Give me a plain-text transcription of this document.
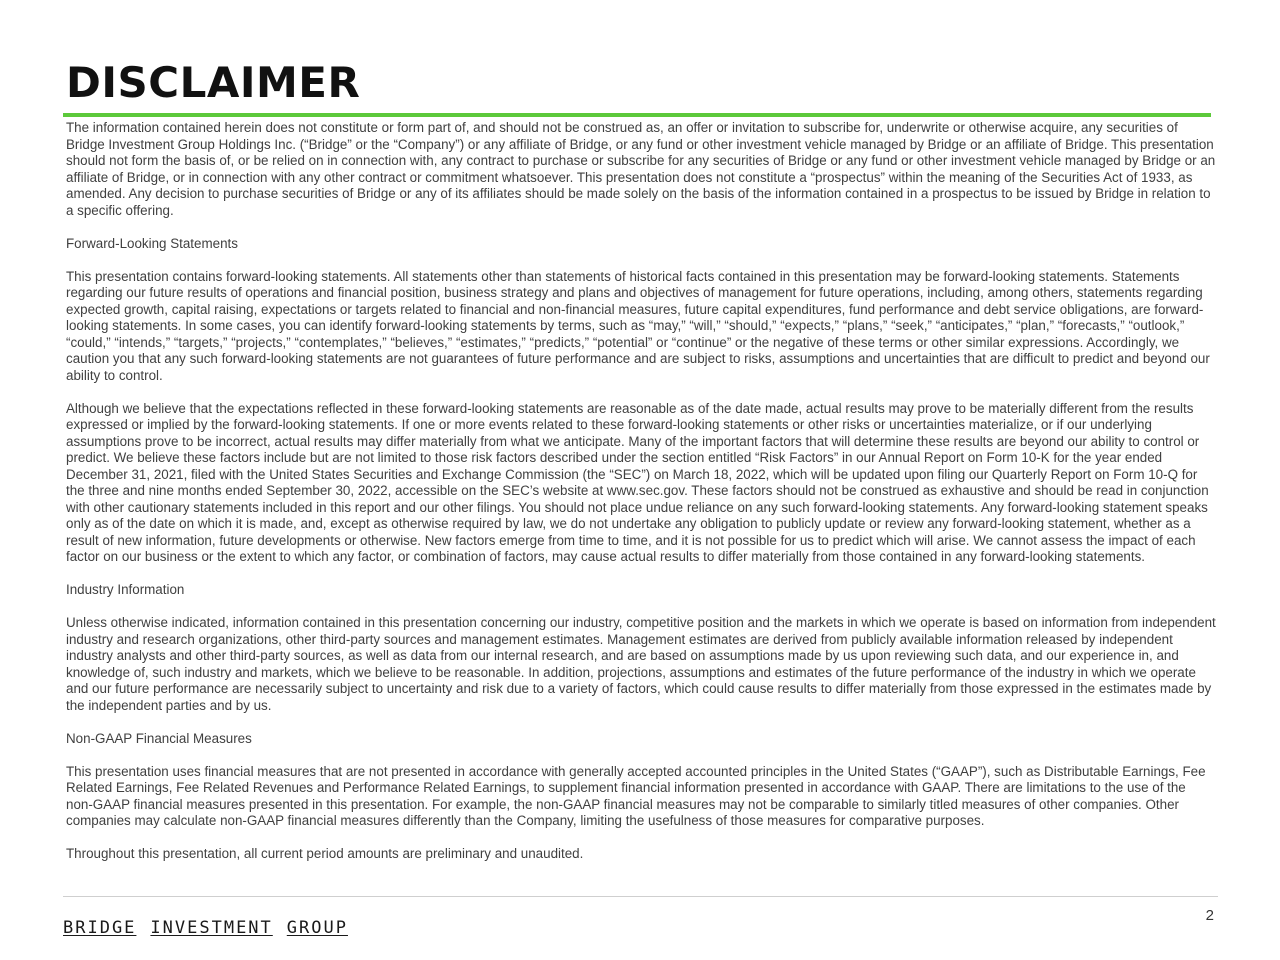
DISCLAIMER

The information contained herein does not constitute or form part of, and should not be construed as, an offer or invitation to subscribe for, underwrite or otherwise acquire, any securities of Bridge Investment Group Holdings Inc. (“Bridge” or the “Company”) or any affiliate of Bridge, or any fund or other investment vehicle managed by Bridge or an affiliate of Bridge. This presentation should not form the basis of, or be relied on in connection with, any contract to purchase or subscribe for any securities of Bridge or any fund or other investment vehicle managed by Bridge or an affiliate of Bridge, or in connection with any other contract or commitment whatsoever. This presentation does not constitute a “prospectus” within the meaning of the Securities Act of 1933, as amended. Any decision to purchase securities of Bridge or any of its affiliates should be made solely on the basis of the information contained in a prospectus to be issued by Bridge in relation to a specific offering.

Forward-Looking Statements

This presentation contains forward-looking statements. All statements other than statements of historical facts contained in this presentation may be forward-looking statements. Statements regarding our future results of operations and financial position, business strategy and plans and objectives of management for future operations, including, among others, statements regarding expected growth, capital raising, expectations or targets related to financial and non-financial measures, future capital expenditures, fund performance and debt service obligations, are forward-looking statements. In some cases, you can identify forward-looking statements by terms, such as “may,” “will,” “should,” “expects,” “plans,” “seek,” “anticipates,” “plan,” “forecasts,” “outlook,” “could,” “intends,” “targets,” “projects,” “contemplates,” “believes,” “estimates,” “predicts,” “potential” or “continue” or the negative of these terms or other similar expressions. Accordingly, we caution you that any such forward-looking statements are not guarantees of future performance and are subject to risks, assumptions and uncertainties that are difficult to predict and beyond our ability to control.

Although we believe that the expectations reflected in these forward-looking statements are reasonable as of the date made, actual results may prove to be materially different from the results expressed or implied by the forward-looking statements. If one or more events related to these forward-looking statements or other risks or uncertainties materialize, or if our underlying assumptions prove to be incorrect, actual results may differ materially from what we anticipate. Many of the important factors that will determine these results are beyond our ability to control or predict. We believe these factors include but are not limited to those risk factors described under the section entitled “Risk Factors” in our Annual Report on Form 10-K for the year ended December 31, 2021, filed with the United States Securities and Exchange Commission (the “SEC”) on March 18, 2022, which will be updated upon filing our Quarterly Report on Form 10-Q for the three and nine months ended September 30, 2022, accessible on the SEC’s website at www.sec.gov. These factors should not be construed as exhaustive and should be read in conjunction with other cautionary statements included in this report and our other filings. You should not place undue reliance on any such forward-looking statements. Any forward-looking statement speaks only as of the date on which it is made, and, except as otherwise required by law, we do not undertake any obligation to publicly update or review any forward-looking statement, whether as a result of new information, future developments or otherwise. New factors emerge from time to time, and it is not possible for us to predict which will arise. We cannot assess the impact of each factor on our business or the extent to which any factor, or combination of factors, may cause actual results to differ materially from those contained in any forward-looking statements.

Industry Information

Unless otherwise indicated, information contained in this presentation concerning our industry, competitive position and the markets in which we operate is based on information from independent industry and research organizations, other third-party sources and management estimates. Management estimates are derived from publicly available information released by independent industry analysts and other third-party sources, as well as data from our internal research, and are based on assumptions made by us upon reviewing such data, and our experience in, and knowledge of, such industry and markets, which we believe to be reasonable. In addition, projections, assumptions and estimates of the future performance of the industry in which we operate and our future performance are necessarily subject to uncertainty and risk due to a variety of factors, which could cause results to differ materially from those expressed in the estimates made by the independent parties and by us.

Non-GAAP Financial Measures

This presentation uses financial measures that are not presented in accordance with generally accepted accounted principles in the United States (“GAAP”), such as Distributable Earnings, Fee Related Earnings, Fee Related Revenues and Performance Related Earnings, to supplement financial information presented in accordance with GAAP. There are limitations to the use of the non-GAAP financial measures presented in this presentation. For example, the non-GAAP financial measures may not be comparable to similarly titled measures of other companies. Other companies may calculate non-GAAP financial measures differently than the Company, limiting the usefulness of those measures for comparative purposes.

Throughout this presentation, all current period amounts are preliminary and unaudited.

2
BRIDGE INVESTMENT GROUP
